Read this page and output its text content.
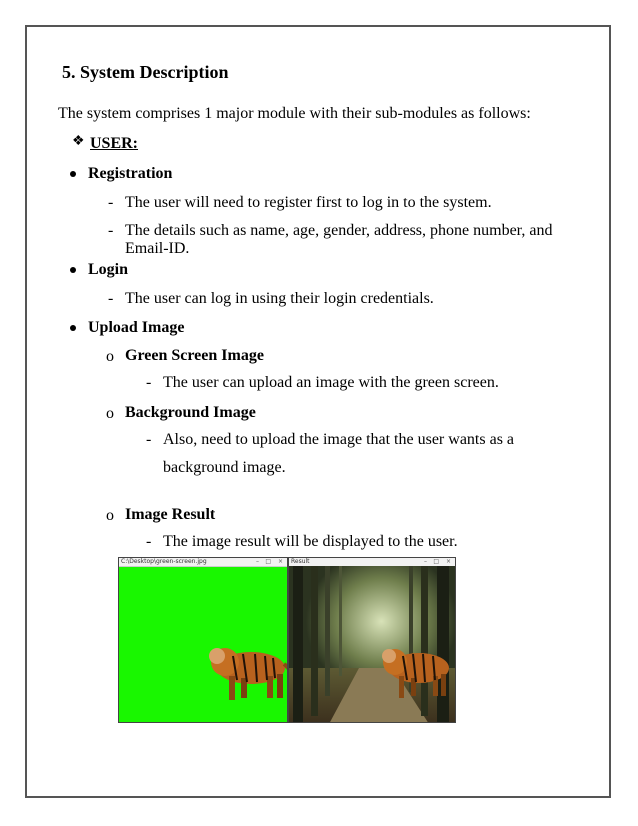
5. System Description
The system comprises 1 major module with their sub-modules as follows:
❖ USER:
Registration
- The user will need to register first to log in to the system.
- The details such as name, age, gender, address, phone number, and
Email-ID.
Login
- The user can log in using their login credentials.
Upload Image
o Green Screen Image
- The user can upload an image with the green screen.
o Background Image
- Also, need to upload the image that the user wants as a
background image.
o Image Result
- The image result will be displayed to the user.
C:\Desktop\green-screen.jpg	– □ × Result	– □ ×
